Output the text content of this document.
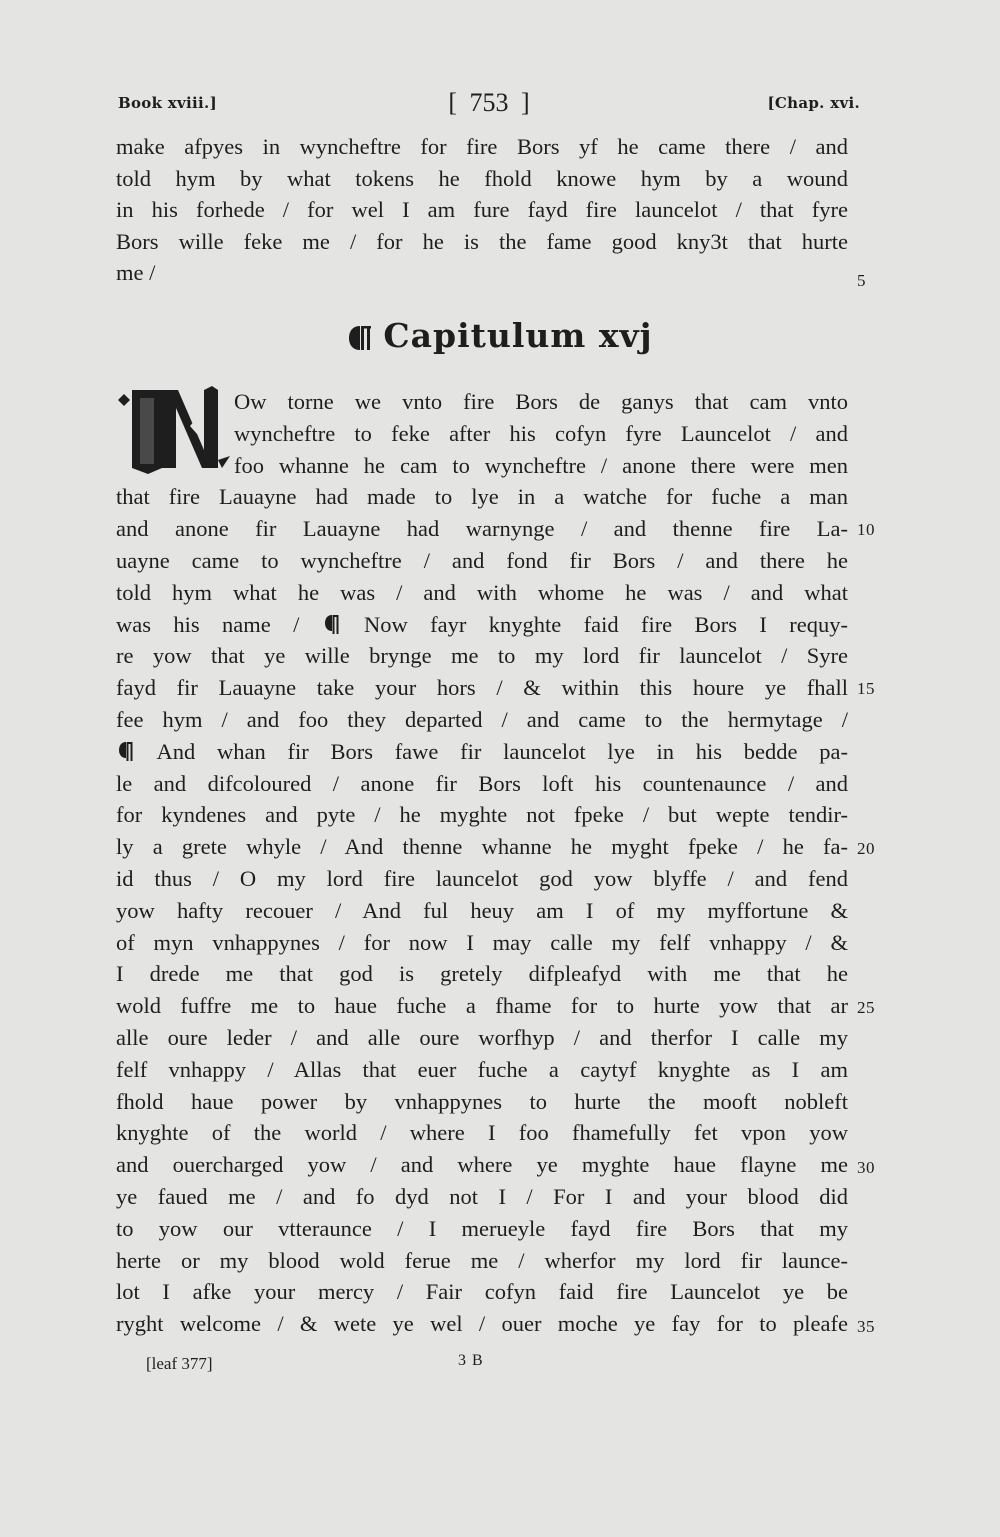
Book xviii.]	[ 753 ]	[Chap. xvi.
make afpyes in wyncheftre for fire Bors yf he came there / and
told hym by what tokens he fhold knowe hym by a wound
in his forhede / for wel I am fure fayd fire launcelot / that fyre
Bors wille feke me / for he is the fame good kny3t that hurte
me /
Ow torne we vnto fire Bors de ganys that cam vnto
wyncheftre to feke after his cofyn fyre Launcelot / and
foo whanne he cam to wyncheftre / anone there were men
that fire Lauayne had made to lye in a watche for fuche a man
and anone fir Lauayne had warnynge / and thenne fire La-
uayne came to wyncheftre / and fond fir Bors / and there he
told hym what he was / and with whome he was / and what
was his name /  Now fayr knyghte faid fire Bors I requy-
re yow that ye wille brynge me to my lord fir launcelot / Syre
fayd fir Lauayne take your hors / & within this houre ye fhall
fee hym / and foo they departed / and came to the hermytage /
And whan fir Bors fawe fir launcelot lye in his bedde pa-
le and difcoloured / anone fir Bors loft his countenaunce / and
for kyndenes and pyte / he myghte not fpeke / but wepte tendir-
ly a grete whyle / And thenne whanne he myght fpeke / he fa-
id thus / O my lord fire launcelot god yow blyffe / and fend
yow hafty recouer / And ful heuy am I of my myffortune &
of myn vnhappynes / for now I may calle my felf vnhappy / &
I drede me that god is gretely difpleafyd with me that he
wold fuffre me to haue fuche a fhame for to hurte yow that ar
alle oure leder / and alle oure worfhyp / and therfor I calle my
felf vnhappy / Allas that euer fuche a caytyf knyghte as I am
fhold haue power by vnhappynes to hurte the mooft nobleft
knyghte of the world / where I foo fhamefully fet vpon yow
and ouercharged yow / and where ye myghte haue flayne me
ye faued me / and fo dyd not I / For I and your blood did
to yow our vtteraunce / I merueyle fayd fire Bors that my
herte or my blood wold ferue me / wherfor my lord fir launce-
lot I afke your mercy / Fair cofyn faid fire Launcelot ye be
ryght welcome / & wete ye wel / ouer moche ye fay for to pleafe
5
10
15
20
25
30
35
Capitulum xvj
[leaf 377]	3 B
